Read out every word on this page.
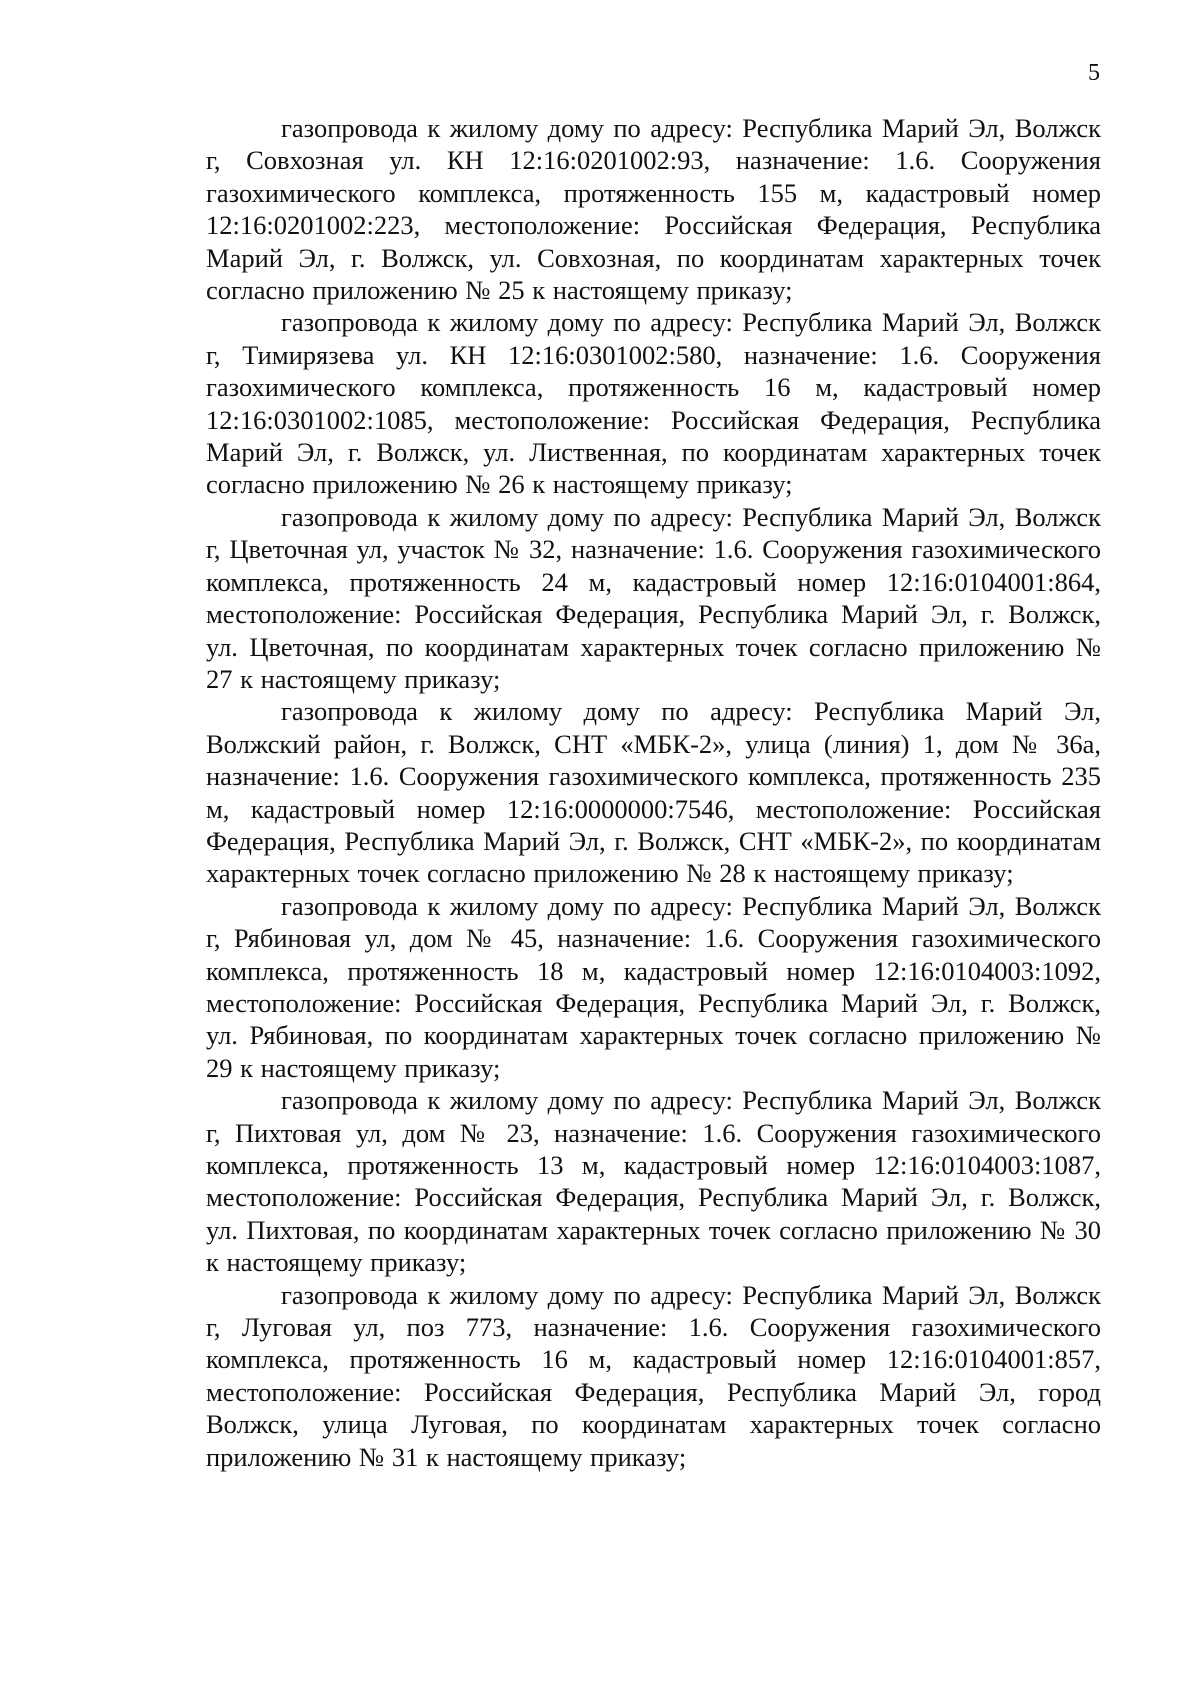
5

газопровода к жилому дому по адресу: Республика Марий Эл, Волжск г, Совхозная ул. КН 12:16:0201002:93, назначение: 1.6. Сооружения газохимического комплекса, протяженность 155 м, кадастровый номер 12:16:0201002:223, местоположение: Российская Федерация, Республика Марий Эл, г. Волжск, ул. Совхозная, по координатам характерных точек согласно приложению № 25 к настоящему приказу;

газопровода к жилому дому по адресу: Республика Марий Эл, Волжск г, Тимирязева ул. КН 12:16:0301002:580, назначение: 1.6. Сооружения газохимического комплекса, протяженность 16 м, кадастровый номер 12:16:0301002:1085, местоположение: Российская Федерация, Республика Марий Эл, г. Волжск, ул. Лиственная, по координатам характерных точек согласно приложению № 26 к настоящему приказу;

газопровода к жилому дому по адресу: Республика Марий Эл, Волжск г, Цветочная ул, участок № 32, назначение: 1.6. Сооружения газохимического комплекса, протяженность 24 м, кадастровый номер 12:16:0104001:864, местоположение: Российская Федерация, Республика Марий Эл, г. Волжск, ул. Цветочная, по координатам характерных точек согласно приложению № 27 к настоящему приказу;

газопровода к жилому дому по адресу: Республика Марий Эл, Волжский район, г. Волжск, СНТ «МБК-2», улица (линия) 1, дом № 36а, назначение: 1.6. Сооружения газохимического комплекса, протяженность 235 м, кадастровый номер 12:16:0000000:7546, местоположение: Российская Федерация, Республика Марий Эл, г. Волжск, СНТ «МБК-2», по координатам характерных точек согласно приложению № 28 к настоящему приказу;

газопровода к жилому дому по адресу: Республика Марий Эл, Волжск г, Рябиновая ул, дом № 45, назначение: 1.6. Сооружения газохимического комплекса, протяженность 18 м, кадастровый номер 12:16:0104003:1092, местоположение: Российская Федерация, Республика Марий Эл, г. Волжск, ул. Рябиновая, по координатам характерных точек согласно приложению № 29 к настоящему приказу;

газопровода к жилому дому по адресу: Республика Марий Эл, Волжск г, Пихтовая ул, дом № 23, назначение: 1.6. Сооружения газохимического комплекса, протяженность 13 м, кадастровый номер 12:16:0104003:1087, местоположение: Российская Федерация, Республика Марий Эл, г. Волжск, ул. Пихтовая, по координатам характерных точек согласно приложению № 30 к настоящему приказу;

газопровода к жилому дому по адресу: Республика Марий Эл, Волжск г, Луговая ул, поз 773, назначение: 1.6. Сооружения газохимического комплекса, протяженность 16 м, кадастровый номер 12:16:0104001:857, местоположение: Российская Федерация, Республика Марий Эл, город Волжск, улица Луговая, по координатам характерных точек согласно приложению № 31 к настоящему приказу;
